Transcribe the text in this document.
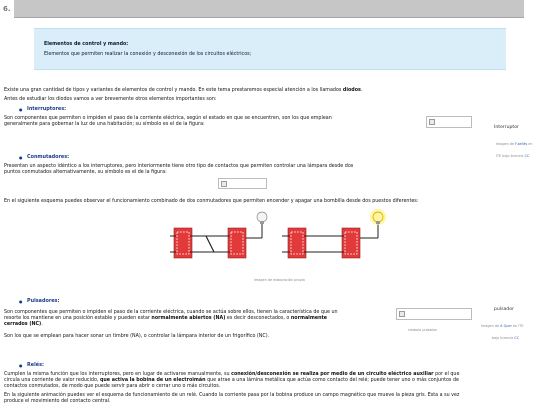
6.
Elementos de control y mando:
Elementos que permiten realizar la conexión y desconexión de los circuitos eléctricos;
Existe una gran cantidad de tipos y variantes de elementos de control y mando. En este tema prestaremos especial atención a los llamados diodos.
Antes de estudiar los diodos vamos a ver brevemente otros elementos importantes son:
● Interruptores:
Son componentes que permiten o impiden el paso de la corriente eléctrica, según el estado en que se encuentren, son los que emplean
generalmente para gobernar la luz de una habitación; su símbolo es el de la figura:
Interruptor
Imagen de F.sellés en
ITE bajo licencia CC
● Conmutadores:
Presentan un aspecto idéntico a los interruptores, pero interiormente tiene otro tipo de contactos que permiten controlar una lámpara desde dos
puntos conmutados alternativamente, su símbolo es el de la figura:
En el siguiente esquema puedes observar el funcionamiento combinado de dos conmutadores que permiten encender y apagar una bombilla desde dos puestos diferentes:
Imagen de elaboración propia
● Pulsadores:
Son componentes que permiten o impiden el paso de la corriente eléctrica, cuando se actúa sobre ellos, tienen la característica de que un
resorte los mantiene en una posición estable y pueden estar normalmente abiertos (NA) es decir desconectados, o normalmente
cerrados (NC).
Son los que se emplean para hacer sonar un timbre (NA), o controlar la lámpara interior de un frigorífico (NC).
símbolo pulsador
pulsador
Imagen de A Quer en ITE
bajo licencia CC
● Relés:
Cumplen la misma función que los interruptores, pero en lugar de activarse manualmente, su conexión/desconexión se realiza por medio de un circuito eléctrico auxiliar por el que
circula una corriente de valor reducido, que activa la bobina de un electroimán que atrae a una lámina metálica que actúa como contacto del relé; puede tener uno o más conjuntos de
contactos conmutados, de modo que puede servir para abrir o cerrar uno o más circuitos.
En la siguiente animación puedes ver el esquema de funcionamiento de un relé. Cuando la corriente pasa por la bobina produce un campo magnético que mueve la pieza gris. Esta a su vez
produce el movimiento del contacto central.
